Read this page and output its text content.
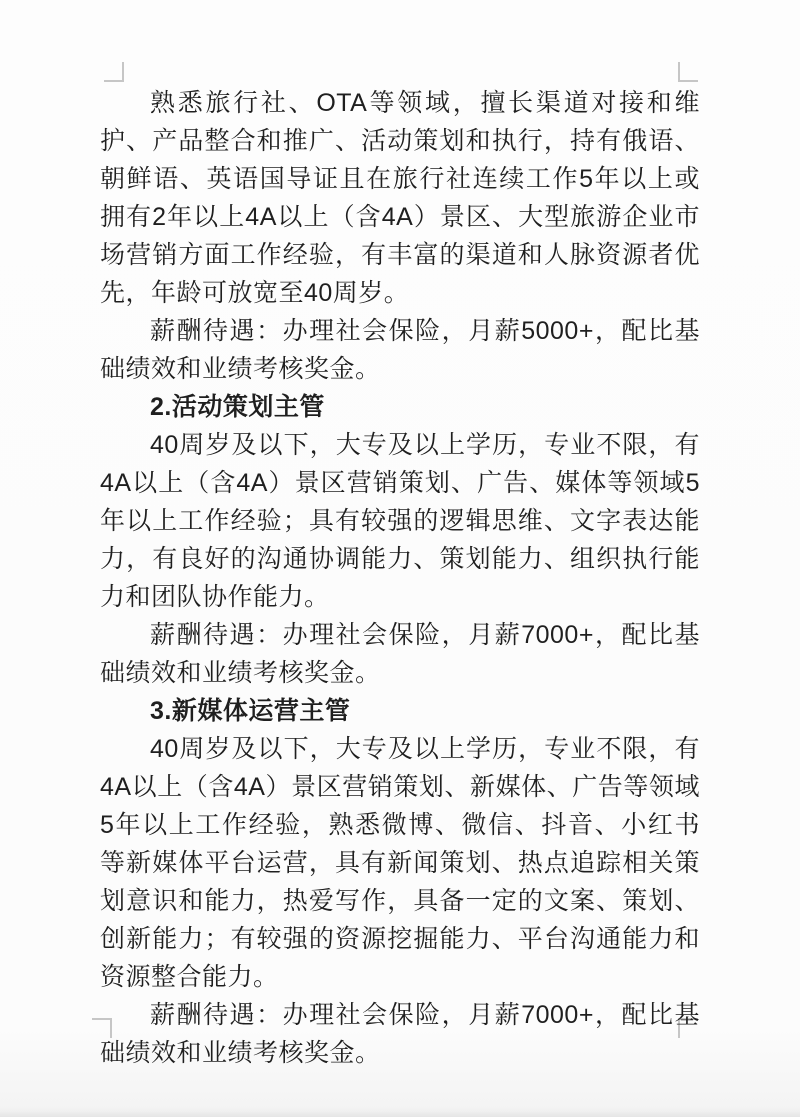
熟悉旅行社、OTA等领域，擅长渠道对接和维护、产品整合和推广、活动策划和执行，持有俄语、朝鲜语、英语国导证且在旅行社连续工作5年以上或拥有2年以上4A以上（含4A）景区、大型旅游企业市场营销方面工作经验，有丰富的渠道和人脉资源者优先，年龄可放宽至40周岁。

薪酬待遇：办理社会保险，月薪5000+，配比基础绩效和业绩考核奖金。

2.活动策划主管

40周岁及以下，大专及以上学历，专业不限，有4A以上（含4A）景区营销策划、广告、媒体等领域5年以上工作经验；具有较强的逻辑思维、文字表达能力，有良好的沟通协调能力、策划能力、组织执行能力和团队协作能力。

薪酬待遇：办理社会保险，月薪7000+，配比基础绩效和业绩考核奖金。

3.新媒体运营主管

40周岁及以下，大专及以上学历，专业不限，有4A以上（含4A）景区营销策划、新媒体、广告等领域5年以上工作经验，熟悉微博、微信、抖音、小红书等新媒体平台运营，具有新闻策划、热点追踪相关策划意识和能力，热爱写作，具备一定的文案、策划、创新能力；有较强的资源挖掘能力、平台沟通能力和资源整合能力。

薪酬待遇：办理社会保险，月薪7000+，配比基础绩效和业绩考核奖金。
